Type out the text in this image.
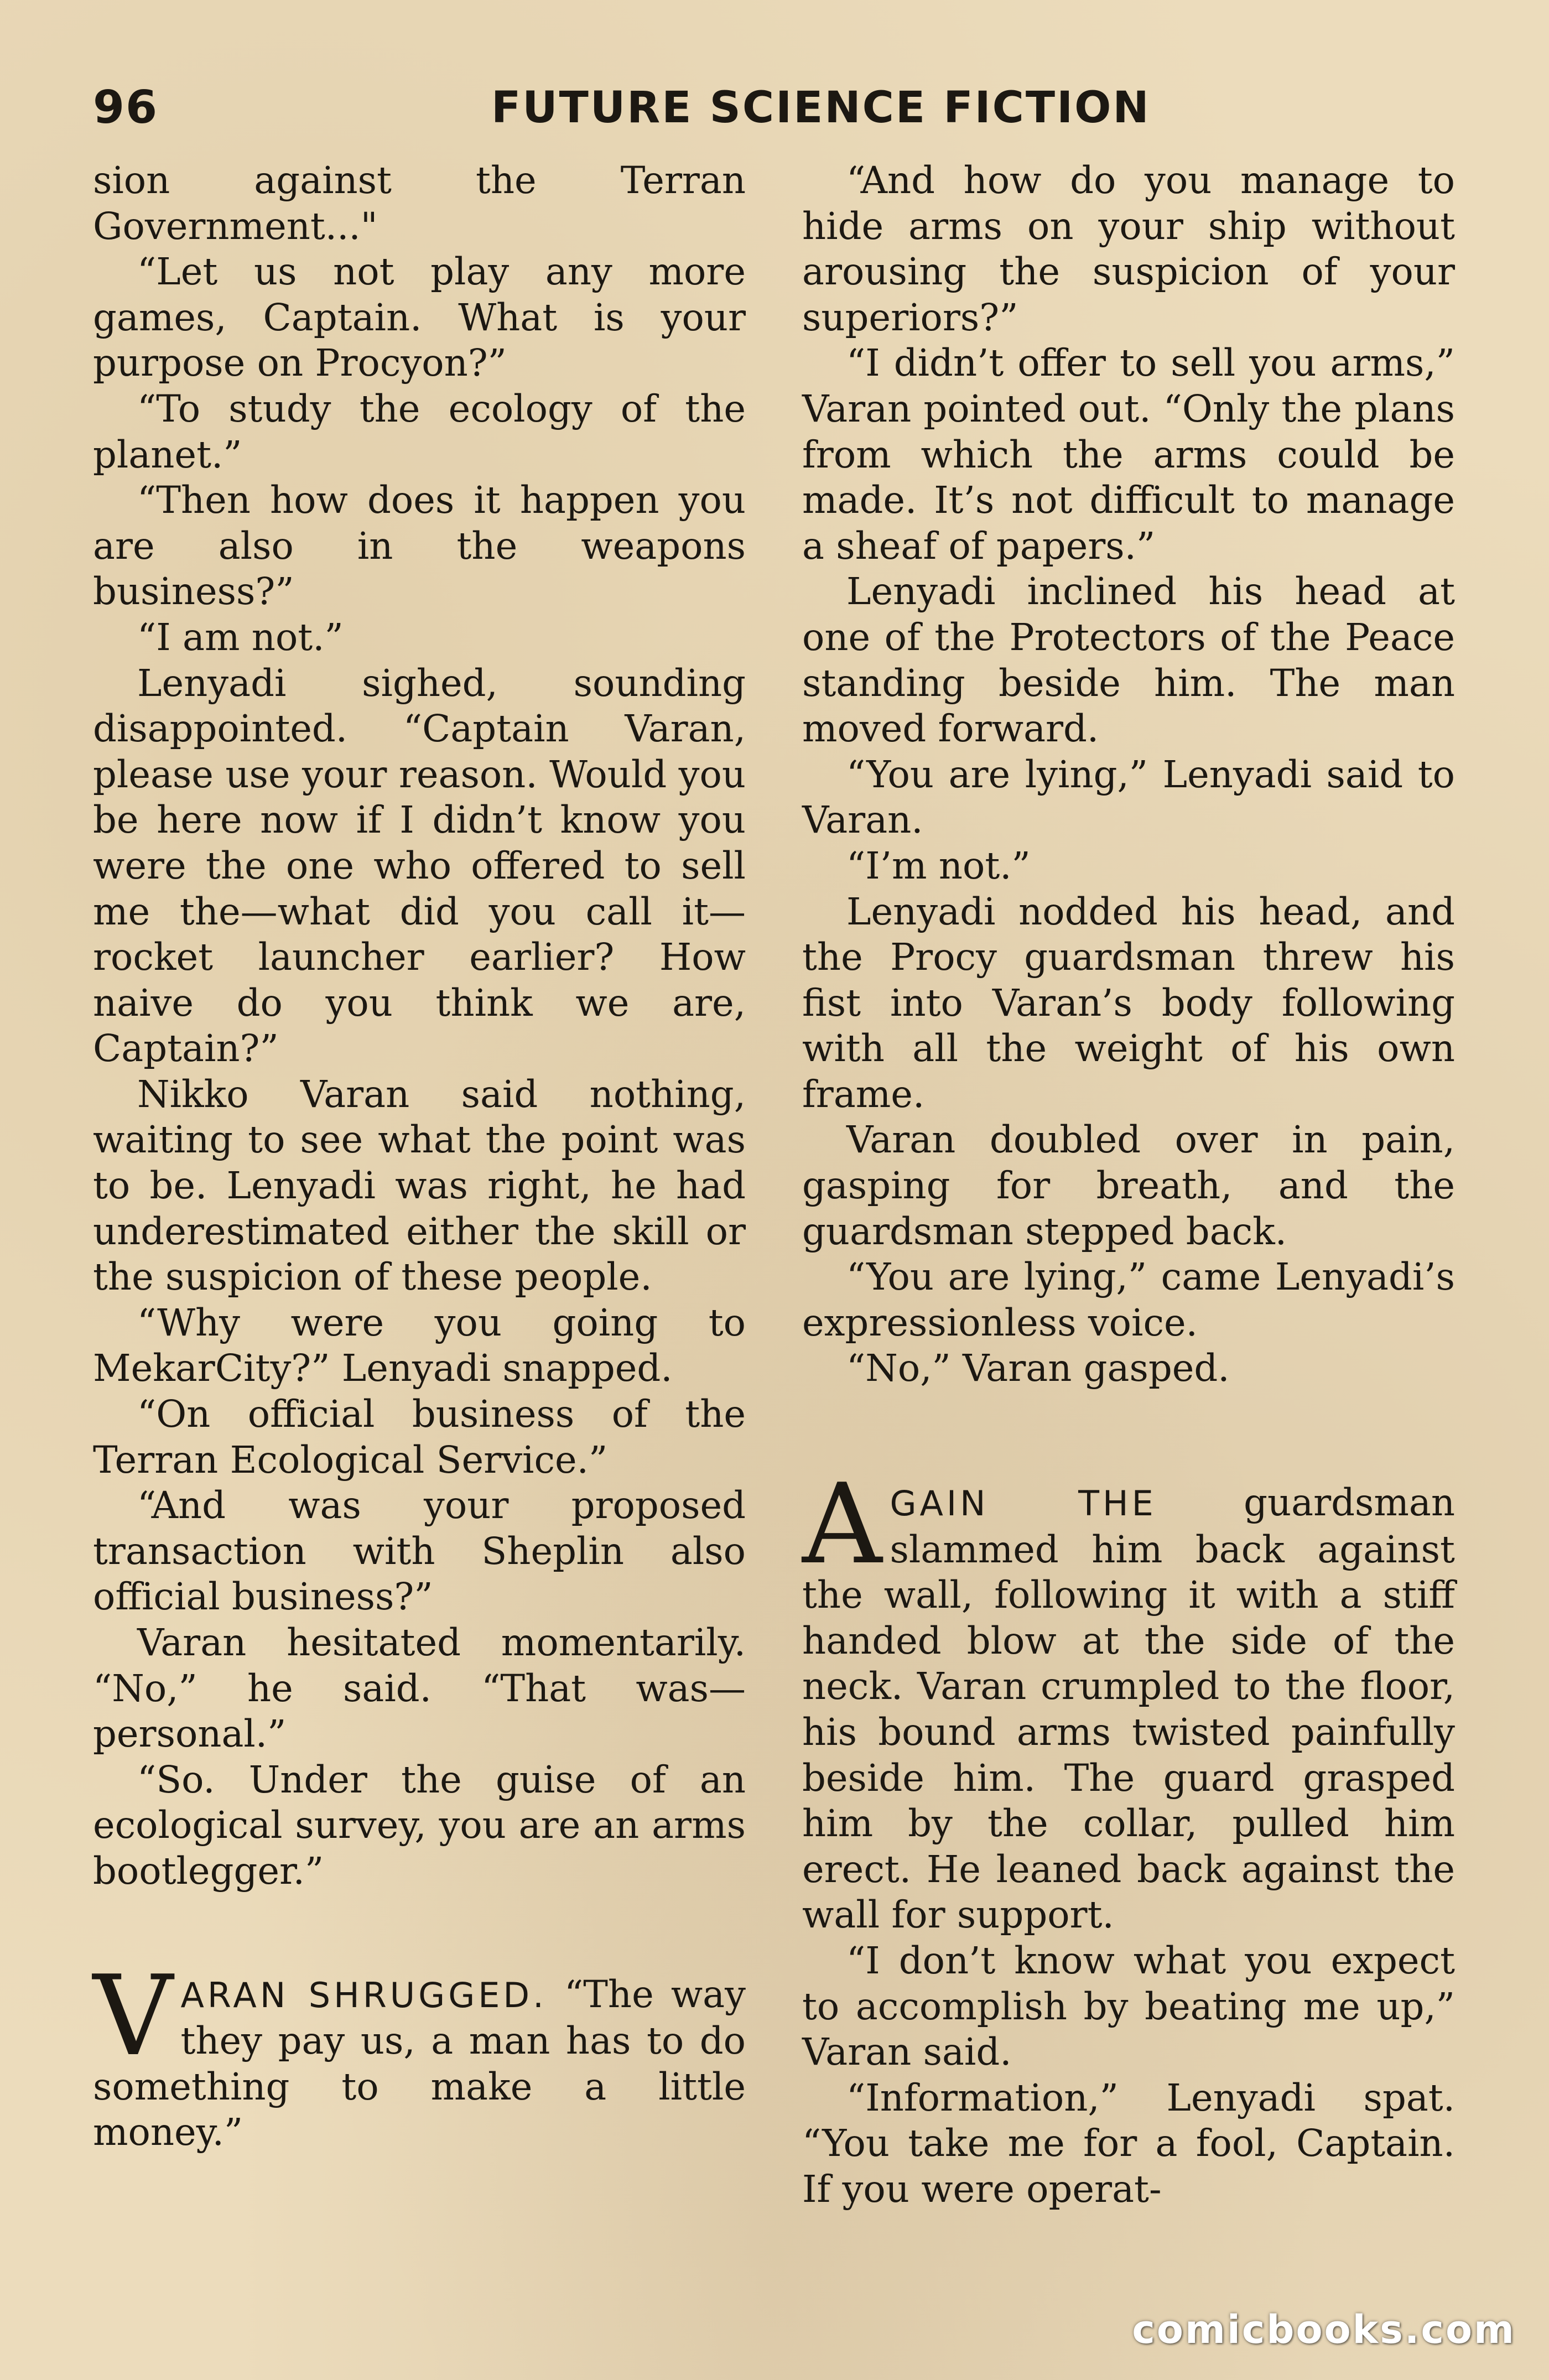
96	FUTURE SCIENCE FICTION

sion against the Terran Government..."

“Let us not play any more games, Captain. What is your purpose on Procyon?”

“To study the ecology of the planet.”

“Then how does it happen you are also in the weapons business?”

“I am not.”

Lenyadi sighed, sounding disappointed. “Captain Varan, please use your reason. Would you be here now if I didn’t know you were the one who offered to sell me the—what did you call it—rocket launcher earlier? How naive do you think we are, Captain?”

Nikko Varan said nothing, waiting to see what the point was to be. Lenyadi was right, he had underestimated either the skill or the suspicion of these people.

“Why were you going to MekarCity?” Lenyadi snapped.

“On official business of the Terran Ecological Service.”

“And was your proposed transaction with Sheplin also official business?”

Varan hesitated momentarily. “No,” he said. “That was—personal.”

“So. Under the guise of an ecological survey, you are an arms bootlegger.”

VARAN SHRUGGED. “The way they pay us, a man has to do something to make a little money.”

“And how do you manage to hide arms on your ship without arousing the suspicion of your superiors?”

“I didn’t offer to sell you arms,” Varan pointed out. “Only the plans from which the arms could be made. It’s not difficult to manage a sheaf of papers.”

Lenyadi inclined his head at one of the Protectors of the Peace standing beside him. The man moved forward.

“You are lying,” Lenyadi said to Varan.

“I’m not.”

Lenyadi nodded his head, and the Procy guardsman threw his fist into Varan’s body following with all the weight of his own frame.

Varan doubled over in pain, gasping for breath, and the guardsman stepped back.

“You are lying,” came Lenyadi’s expressionless voice.

“No,” Varan gasped.

AGAIN THE guardsman slammed him back against the wall, following it with a stiff handed blow at the side of the neck. Varan crumpled to the floor, his bound arms twisted painfully beside him. The guard grasped him by the collar, pulled him erect. He leaned back against the wall for support.

“I don’t know what you expect to accomplish by beating me up,” Varan said.

“Information,” Lenyadi spat. “You take me for a fool, Captain. If you were operat-

comicbooks.com
